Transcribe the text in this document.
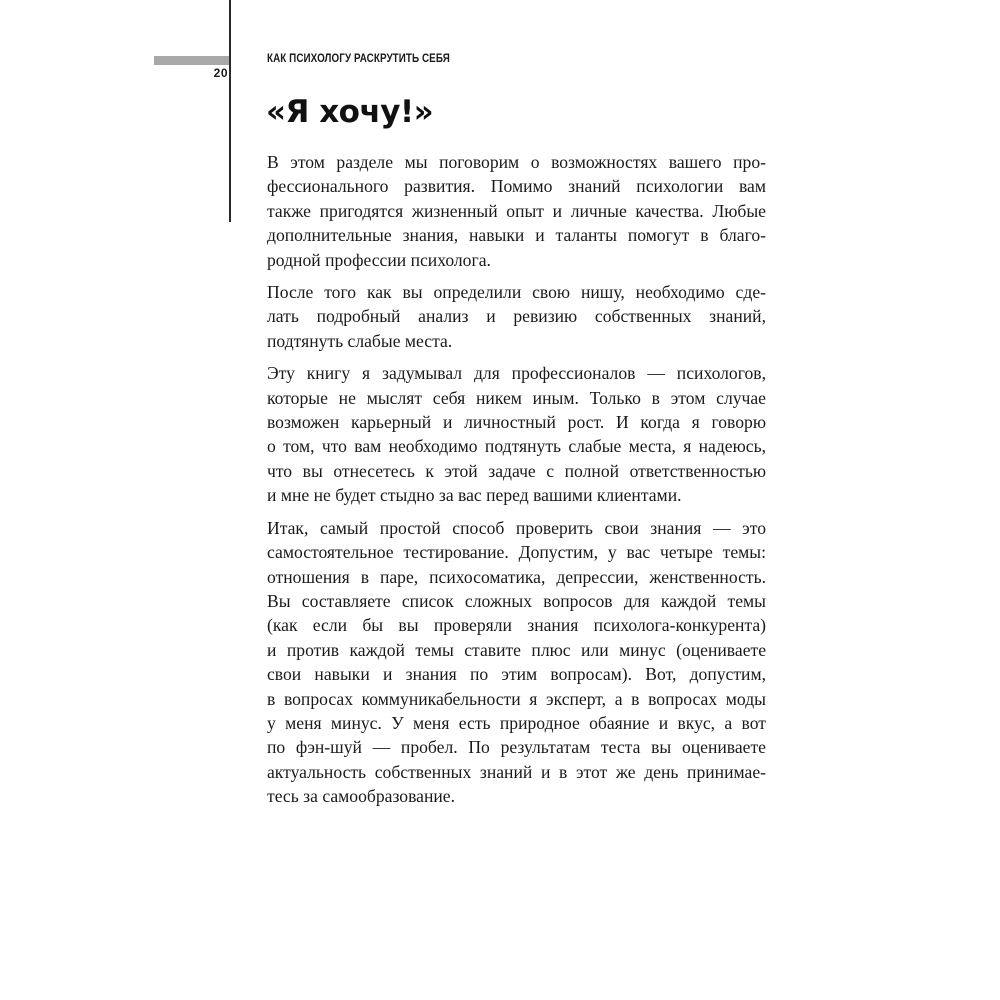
20
КАК ПСИХОЛОГУ РАСКРУТИТЬ СЕБЯ
«Я хочу!»

В этом разделе мы поговорим о возможностях вашего про-
фессионального развития. Помимо знаний психологии вам
также пригодятся жизненный опыт и личные качества. Любые
дополнительные знания, навыки и таланты помогут в благо-
родной профессии психолога.

После того как вы определили свою нишу, необходимо сде-
лать подробный анализ и ревизию собственных знаний,
подтянуть слабые места.

Эту книгу я задумывал для профессионалов — психологов,
которые не мыслят себя никем иным. Только в этом случае
возможен карьерный и личностный рост. И когда я говорю
о том, что вам необходимо подтянуть слабые места, я надеюсь,
что вы отнесетесь к этой задаче с полной ответственностью
и мне не будет стыдно за вас перед вашими клиентами.

Итак, самый простой способ проверить свои знания — это
самостоятельное тестирование. Допустим, у вас четыре темы:
отношения в паре, психосоматика, депрессии, женственность.
Вы составляете список сложных вопросов для каждой темы
(как если бы вы проверяли знания психолога-конкурента)
и против каждой темы ставите плюс или минус (оцениваете
свои навыки и знания по этим вопросам). Вот, допустим,
в вопросах коммуникабельности я эксперт, а в вопросах моды
у меня минус. У меня есть природное обаяние и вкус, а вот
по фэн-шуй — пробел. По результатам теста вы оцениваете
актуальность собственных знаний и в этот же день принимае-
тесь за самообразование.
